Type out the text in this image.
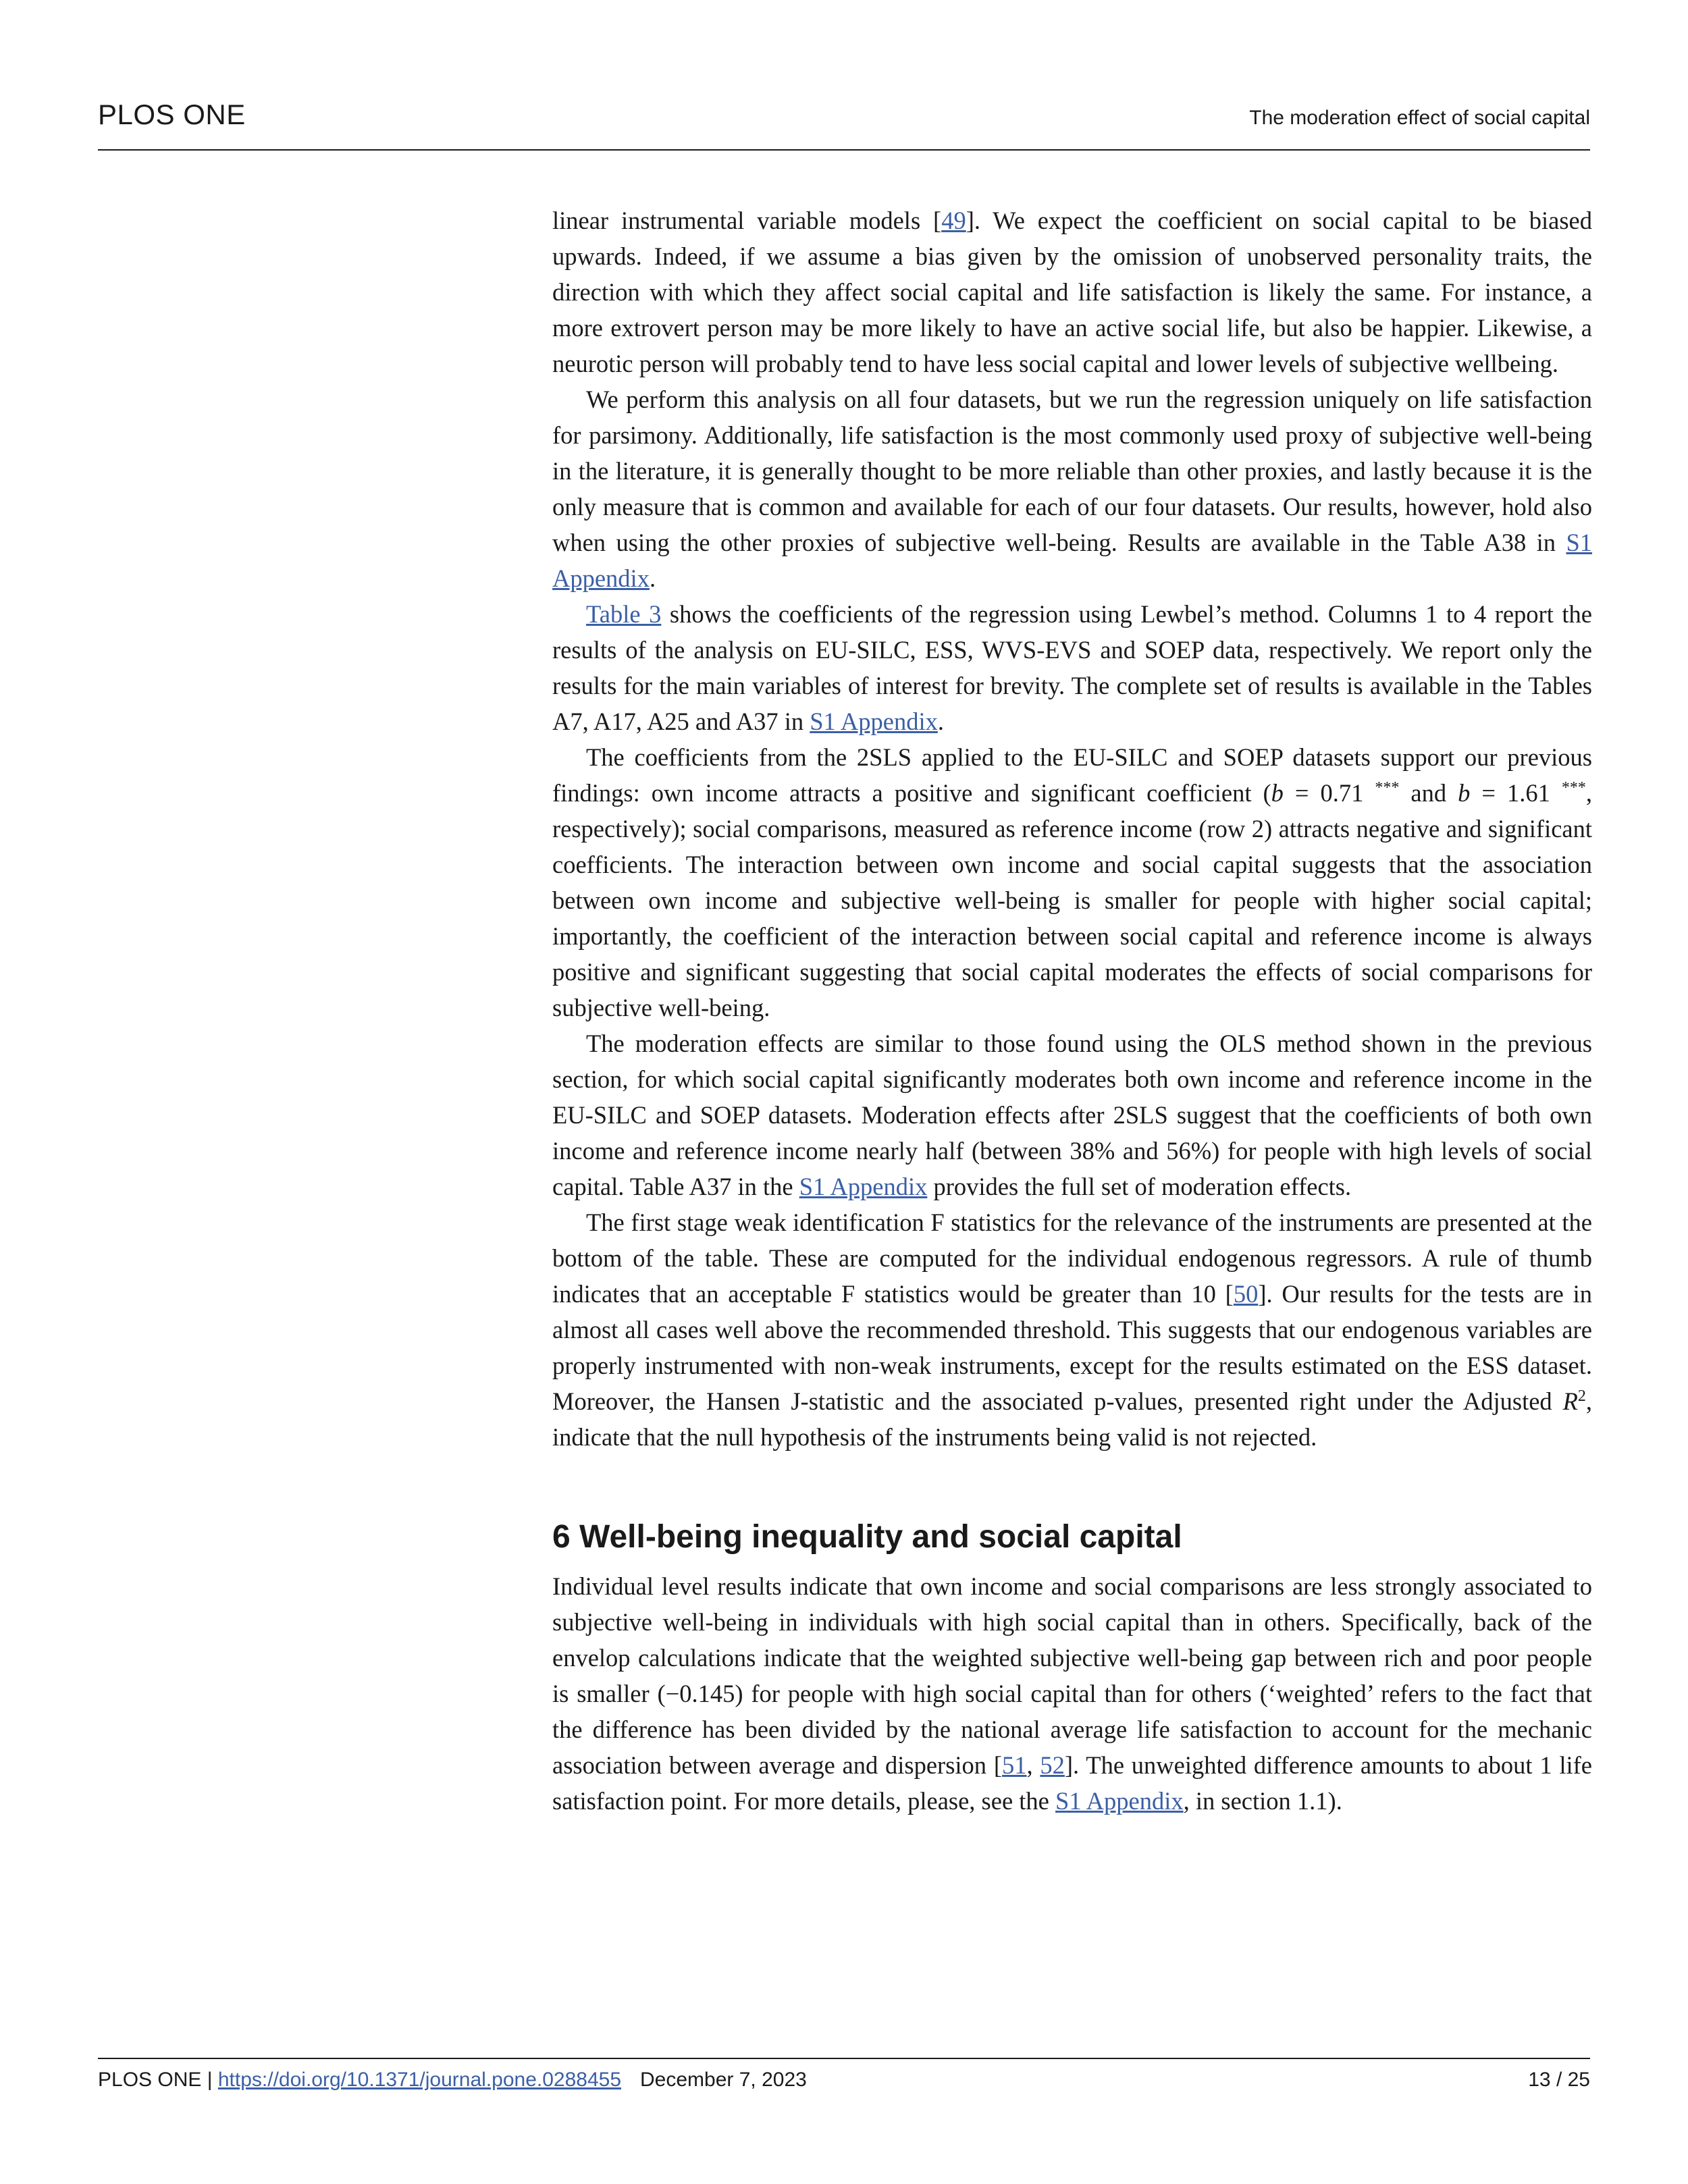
PLOS ONE	The moderation effect of social capital

linear instrumental variable models [49]. We expect the coefficient on social capital to be biased upwards. Indeed, if we assume a bias given by the omission of unobserved personality traits, the direction with which they affect social capital and life satisfaction is likely the same. For instance, a more extrovert person may be more likely to have an active social life, but also be happier. Likewise, a neurotic person will probably tend to have less social capital and lower levels of subjective wellbeing.

We perform this analysis on all four datasets, but we run the regression uniquely on life satisfaction for parsimony. Additionally, life satisfaction is the most commonly used proxy of subjective well-being in the literature, it is generally thought to be more reliable than other proxies, and lastly because it is the only measure that is common and available for each of our four datasets. Our results, however, hold also when using the other proxies of subjective well-being. Results are available in the Table A38 in S1 Appendix.

Table 3 shows the coefficients of the regression using Lewbel’s method. Columns 1 to 4 report the results of the analysis on EU-SILC, ESS, WVS-EVS and SOEP data, respectively. We report only the results for the main variables of interest for brevity. The complete set of results is available in the Tables A7, A17, A25 and A37 in S1 Appendix.

The coefficients from the 2SLS applied to the EU-SILC and SOEP datasets support our previous findings: own income attracts a positive and significant coefficient (b = 0.71 *** and b = 1.61 ***, respectively); social comparisons, measured as reference income (row 2) attracts negative and significant coefficients. The interaction between own income and social capital suggests that the association between own income and subjective well-being is smaller for people with higher social capital; importantly, the coefficient of the interaction between social capital and reference income is always positive and significant suggesting that social capital moderates the effects of social comparisons for subjective well-being.

The moderation effects are similar to those found using the OLS method shown in the previous section, for which social capital significantly moderates both own income and reference income in the EU-SILC and SOEP datasets. Moderation effects after 2SLS suggest that the coefficients of both own income and reference income nearly half (between 38% and 56%) for people with high levels of social capital. Table A37 in the S1 Appendix provides the full set of moderation effects.

The first stage weak identification F statistics for the relevance of the instruments are presented at the bottom of the table. These are computed for the individual endogenous regressors. A rule of thumb indicates that an acceptable F statistics would be greater than 10 [50]. Our results for the tests are in almost all cases well above the recommended threshold. This suggests that our endogenous variables are properly instrumented with non-weak instruments, except for the results estimated on the ESS dataset. Moreover, the Hansen J-statistic and the associated p-values, presented right under the Adjusted $R^2$, indicate that the null hypothesis of the instruments being valid is not rejected.

6 Well-being inequality and social capital

Individual level results indicate that own income and social comparisons are less strongly associated to subjective well-being in individuals with high social capital than in others. Specifically, back of the envelop calculations indicate that the weighted subjective well-being gap between rich and poor people is smaller (−0.145) for people with high social capital than for others (‘weighted’ refers to the fact that the difference has been divided by the national average life satisfaction to account for the mechanic association between average and dispersion [51, 52]. The unweighted difference amounts to about 1 life satisfaction point. For more details, please, see the S1 Appendix, in section 1.1).

PLOS ONE | https://doi.org/10.1371/journal.pone.0288455 December 7, 2023	13 / 25
